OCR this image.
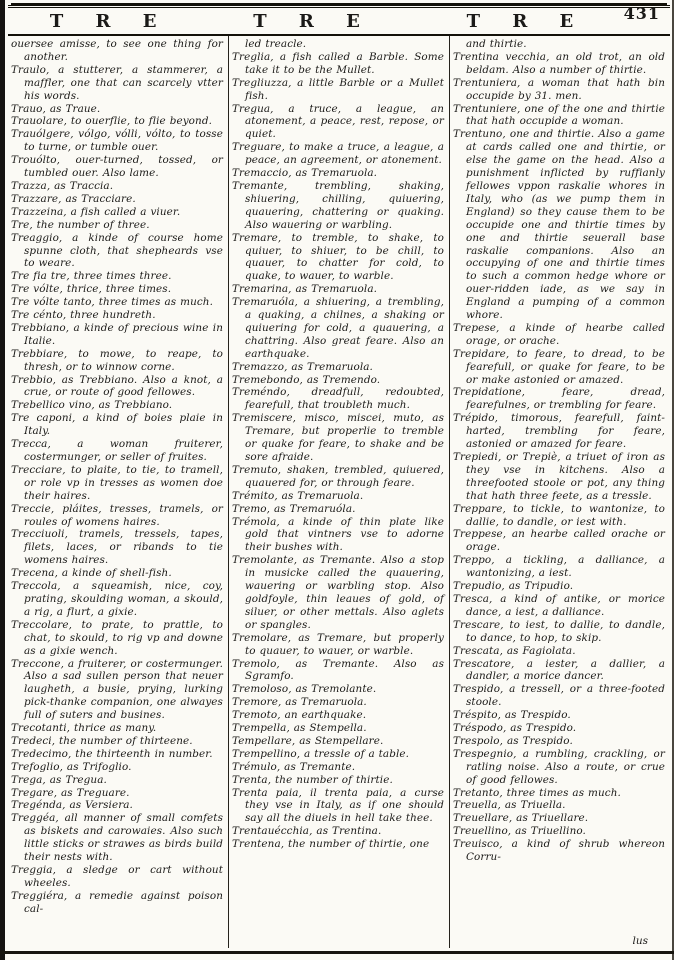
T R E	T R E	T R E	431

ouersee amisse, to see one thing for another.

Traulo, a stutterer, a stammerer, a maffler, one that can scarcely vtter his words.

Trauo, as Traue.

Trauolare, to ouerflie, to flie beyond.

Trauólgere, vólgo, vólli, vólto, to tosse to turne, or tumble ouer.

Trouólto, ouer-turned, tossed, or tumbled ouer. Also lame.

Trazza, as Traccia.

Trazzare, as Tracciare.

Trazzeina, a fish called a viuer.

Tre, the number of three.

Treaggio, a kinde of course home spunne cloth, that shepheards vse to weare.

Tre fia tre, three times three.

Tre vólte, thrice, three times.

Tre vólte tanto, three times as much.

Tre cénto, three hundreth.

Trebbiano, a kinde of precious wine in Italie.

Trebbiare, to mowe, to reape, to thresh, or to winnow corne.

Trebbio, as Trebbiano. Also a knot, a crue, or route of good fellowes.

Trebellico vino, as Trebbiano.

Tre caponi, a kind of boies plaie in Italy.

Trecca, a woman fruiterer, costermunger, or seller of fruites.

Trecciare, to plaite, to tie, to tramell, or role vp in tresses as women doe their haires.

Treccie, pláites, tresses, tramels, or roules of womens haires.

Trecciuoli, tramels, tressels, tapes, filets, laces, or ribands to tie womens haires.

Trecena, a kinde of shell-fish.

Treccola, a squeamish, nice, coy, prating, skoulding woman, a skould, a rig, a flurt, a gixie.

Treccolare, to prate, to prattle, to chat, to skould, to rig vp and downe as a gixie wench.

Treccone, a fruiterer, or costermunger. Also a sad sullen person that neuer laugheth, a busie, prying, lurking pick-thanke companion, one alwayes full of suters and busines.

Trecotanti, thrice as many.

Tredeci, the number of thirteene.

Tredecimo, the thirteenth in number.

Trefoglio, as Trifoglio.

Trega, as Tregua.

Tregare, as Treguare.

Tregénda, as Versiera.

Treggéa, all manner of small comfets as biskets and carowaies. Also such little sticks or strawes as birds build their nests with.

Treggia, a sledge or cart without wheeles.

Treggiéra, a remedie against poison cal-

led treacle.

Treglia, a fish called a Barble. Some take it to be the Mullet.

Tregliuzza, a little Barble or a Mullet fish.

Tregua, a truce, a league, an atonement, a peace, rest, repose, or quiet.

Treguare, to make a truce, a league, a peace, an agreement, or atonement.

Tremaccio, as Tremaruola.

Tremante, trembling, shaking, shiuering, chilling, quiuering, quauering, chattering or quaking. Also wauering or warbling.

Tremare, to tremble, to shake, to quiuer, to shiuer, to be chill, to quauer, to chatter for cold, to quake, to wauer, to warble.

Tremarina, as Tremaruola.

Tremaruóla, a shiuering, a trembling, a quaking, a chilnes, a shaking or quiuering for cold, a quauering, a chattring. Also great feare. Also an earthquake.

Tremazzo, as Tremaruola.

Tremebondo, as Tremendo.

Treméndo, dreadfull, redoubted, fearefull, that troubleth much.

Tremiscere, misco, miscei, muto, as Tremare, but properlie to tremble or quake for feare, to shake and be sore afraide.

Tremuto, shaken, trembled, quiuered, quauered for, or through feare.

Trémito, as Tremaruola.

Tremo, as Tremaruóla.

Trémola, a kinde of thin plate like gold that vintners vse to adorne their bushes with.

Tremolante, as Tremante. Also a stop in musicke called the quauering, wauering or warbling stop. Also goldfoyle, thin leaues of gold, of siluer, or other mettals. Also aglets or spangles.

Tremolare, as Tremare, but properly to quauer, to wauer, or warble.

Tremolo, as Tremante. Also as Sgramfo.

Tremoloso, as Tremolante.

Tremore, as Tremaruola.

Tremoto, an earthquake.

Trempella, as Stempella.

Tempellare, as Stempellare.

Trempellino, a tressle of a table.

Trémulo, as Tremante.

Trenta, the number of thirtie.

Trenta paia, il trenta paia, a curse they vse in Italy, as if one should say all the diuels in hell take thee.

Trentauécchia, as Trentina.

Trentena, the number of thirtie, one

and thirtie.

Trentina vecchia, an old trot, an old beldam. Also a number of thirtie.

Trentuniera, a woman that hath bin occupide by 31. men.

Trentuniere, one of the one and thirtie that hath occupide a woman.

Trentuno, one and thirtie. Also a game at cards called one and thirtie, or else the game on the head. Also a punishment inflicted by ruffianly fellowes vppon raskalie whores in Italy, who (as we pump them in England) so they cause them to be occupide one and thirtie times by one and thirtie seuerall base raskalie companions. Also an occupying of one and thirtie times to such a common hedge whore or ouer-ridden iade, as we say in England a pumping of a common whore.

Trepese, a kinde of hearbe called orage, or orache.

Trepidare, to feare, to dread, to be fearefull, or quake for feare, to be or make astonied or amazed.

Trepidatione, feare, dread, fearefulnes, or trembling for feare.

Trépido, timorous, fearefull, faint-harted, trembling for feare, astonied or amazed for feare.

Trepiedi, or Trepiè, a triuet of iron as they vse in kitchens. Also a threefooted stoole or pot, any thing that hath three feete, as a tressle.

Treppare, to tickle, to wantonize, to dallie, to dandle, or iest with.

Treppese, an hearbe called orache or orage.

Treppo, a tickling, a dalliance, a wantonizing, a iest.

Trepudio, as Tripudio.

Tresca, a kind of antike, or morice dance, a iest, a dalliance.

Trescare, to iest, to dallie, to dandle, to dance, to hop, to skip.

Trescata, as Fagiolata.

Trescatore, a iester, a dallier, a dandler, a morice dancer.

Trespido, a tressell, or a three-footed stoole.

Tréspito, as Trespido.

Tréspodo, as Trespido.

Trespolo, as Trespido.

Trespegnio, a rumbling, crackling, or ratling noise. Also a route, or crue of good fellowes.

Tretanto, three times as much.

Treuella, as Triuella.

Treuellare, as Triuellare.

Treuellino, as Triuellino.

Treuisco, a kind of shrub whereon Corru-

lus
